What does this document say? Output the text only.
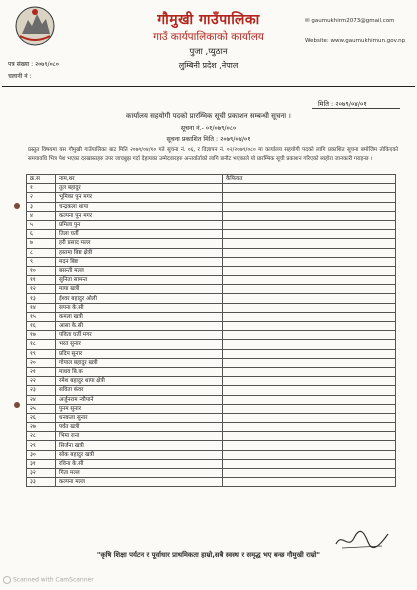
गौमुखी गाउँपालिका
गाउँ कार्यपालिकाको कार्यालय
पुजा ,प्युठान
लुम्बिनी प्रदेश ,नेपाल
✉ gaumukhirm2073@gmail.com
Website: www.gaumukhimun.gov.np
पत्र संख्या : २०७९/०८०
चलानी नं :
मिति : २०७९/०४/०१
कार्यालय सहयोगी पदको प्रारम्भिक सूची प्रकाशन सम्बन्धी सूचना ।
सूचना नं.- ०१/०७९/०८०
सूचना प्रकाशित मिति : २०७९/०४/०१
प्रस्तुत विषयमा यस गौमुखी गाउँपालिका बाट मिति २०७९/०४/१० गते सूचना नं. ०६, र विज्ञापन नं. ०२/२०७९/०८० मा कार्यालय सहयोगी पदको लागि प्रकाशित सूचना बमोजिम तोकिएको समयावधि भित्र पेश भएका दरखास्तहरु उपर जाचबुझ गर्दा देहायका उम्मेदवारहरु अन्तर्वार्ताको लागि छनौट भएकाले यो प्रारम्भिक सूची प्रकाशन गरिएको ब्यहोरा जानकारी गराइन्छ ।
क्र.स	नाम,थर	कैफियत
१	तुल बहादुर	
२	भूमिका पुन मगर	
३	चन्द्रकला थापा	
४	कल्पना पुन मगर	
५	प्रमिला पुन	
६	तिला घर्ती	
७	हरी प्रसाद मल्ल	
८	हस्तमा बिष्ट क्षेत्री	
९	मदन बिष्ट	
१०	बसन्ती मल्ल	
११	सुनिता सामन्त	
१२	माया खत्री	
१३	ईश्वर बहादुर ओली	
१४	सपना के.सी	
१५	कमला खत्री	
१६	आसा के.सी	
१७	पविता घर्ती मगर	
१८	भरत सुनार	
१९	प्रदिप सुनार	
२०	गोपाल बहादुर खत्री	
२१	माधव बि.क	
२२	रमेश बहादुर थापा क्षेत्री	
२३	सविता कंवर	
२४	अर्जुनराम न्यौपाने	
२५	पुनम सुनार	
२६	धनकला सुनार	
२७	पर्वत खत्री	
२८	भिमा राना	
२९	सिर्जना खत्री	
३०	सोक बहादुर खत्री	
३१	रविना के.सी	
३२	गिता मल्ल	
३३	कल्पना मल्ल	
"कृषि शिक्षा पर्यटन र पूर्वाधार प्राथमिकता हाम्रो,सबै स्वस्थ र समृद्ध भए बन्छ गौमुखी राम्रो"
Scanned with CamScanner
